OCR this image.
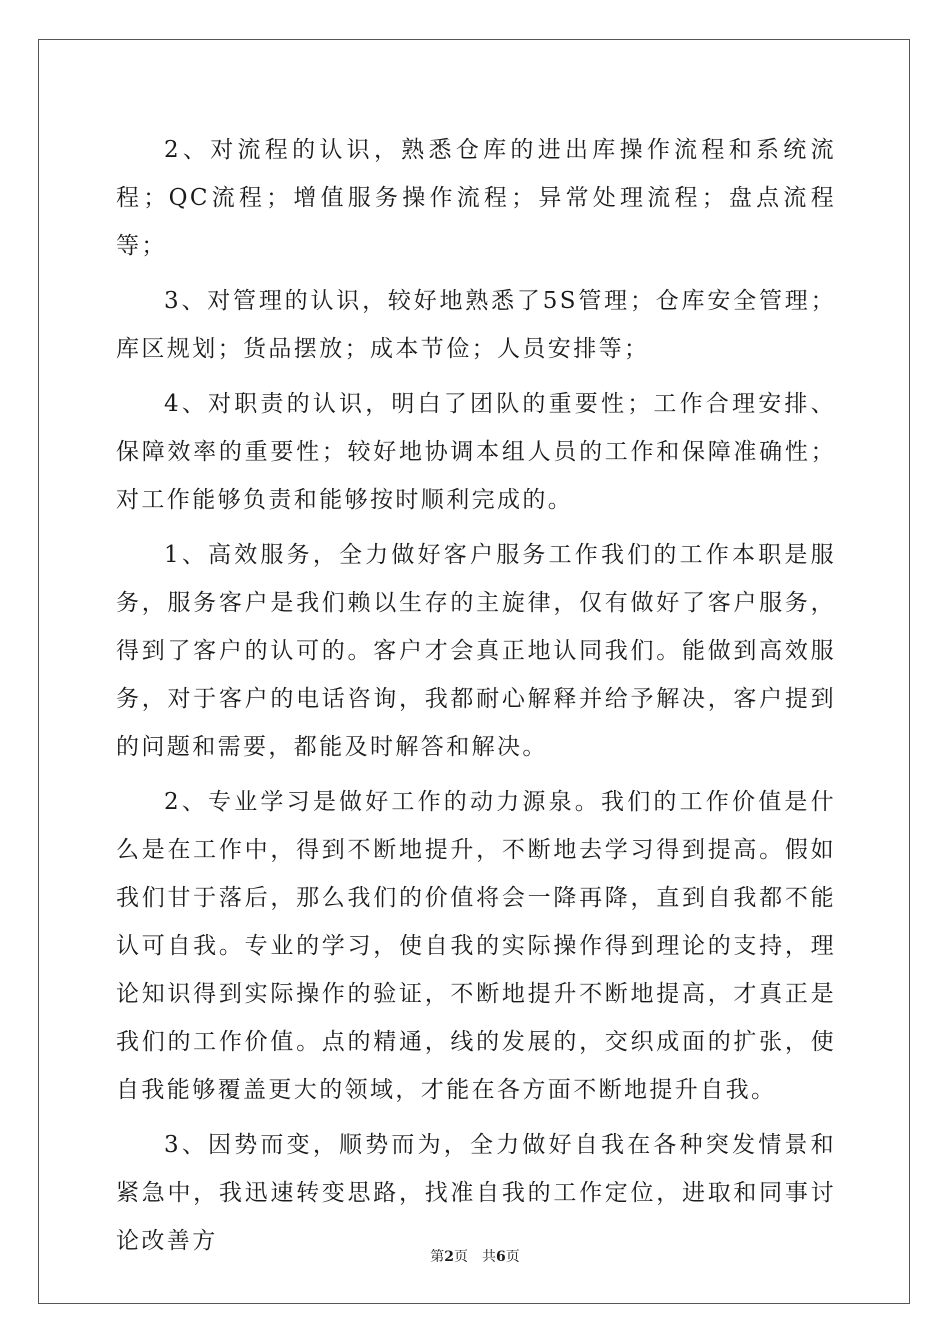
2、对流程的认识，熟悉仓库的进出库操作流程和系统流程；QC流程；增值服务操作流程；异常处理流程；盘点流程等；

3、对管理的认识，较好地熟悉了5S管理；仓库安全管理；库区规划；货品摆放；成本节俭；人员安排等；

4、对职责的认识，明白了团队的重要性；工作合理安排、保障效率的重要性；较好地协调本组人员的工作和保障准确性；对工作能够负责和能够按时顺利完成的。

1、高效服务，全力做好客户服务工作我们的工作本职是服务，服务客户是我们赖以生存的主旋律，仅有做好了客户服务，得到了客户的认可的。客户才会真正地认同我们。能做到高效服务，对于客户的电话咨询，我都耐心解释并给予解决，客户提到的问题和需要，都能及时解答和解决。

2、专业学习是做好工作的动力源泉。我们的工作价值是什么是在工作中，得到不断地提升，不断地去学习得到提高。假如我们甘于落后，那么我们的价值将会一降再降，直到自我都不能认可自我。专业的学习，使自我的实际操作得到理论的支持，理论知识得到实际操作的验证，不断地提升不断地提高，才真正是我们的工作价值。点的精通，线的发展的，交织成面的扩张，使自我能够覆盖更大的领域，才能在各方面不断地提升自我。

3、因势而变，顺势而为，全力做好自我在各种突发情景和紧急中，我迅速转变思路，找准自我的工作定位，进取和同事讨论改善方

第2页 共6页
